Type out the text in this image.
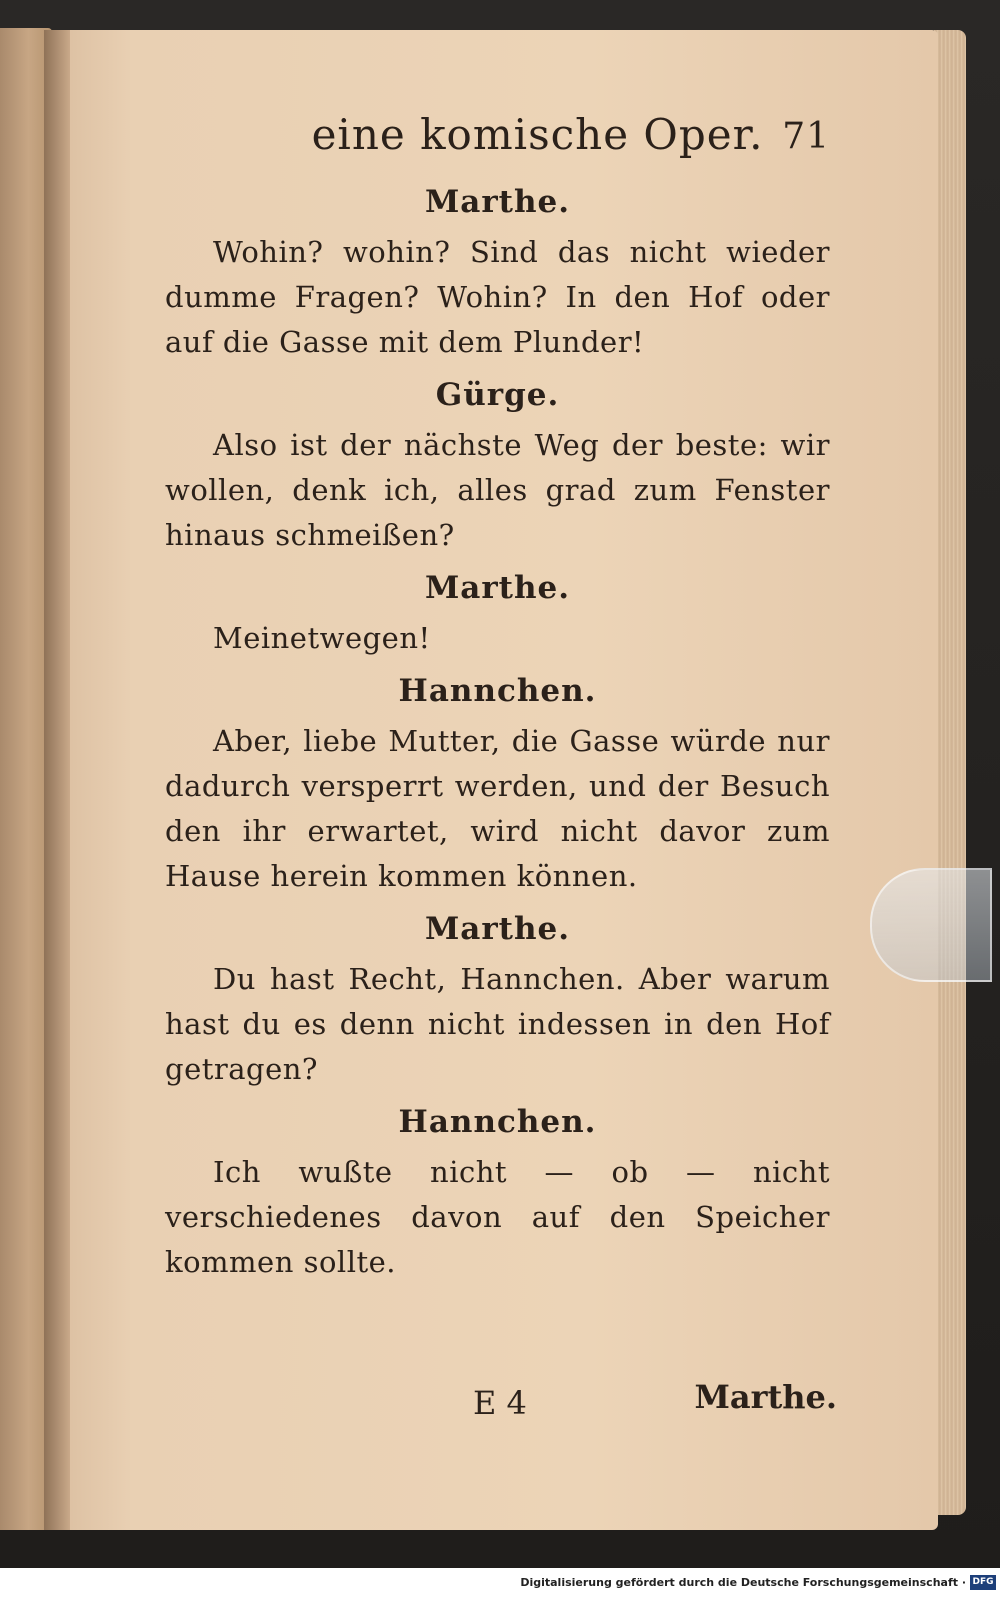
eine komische Oper. 71
Marthe.

Wohin? wohin? Sind das nicht wieder dumme Fragen? Wohin? In den Hof oder auf die Gasse mit dem Plunder!

Gürge.

Also ist der nächste Weg der beste: wir wollen, denk ich, alles grad zum Fenster hinaus schmeißen?

Marthe.

Meinetwegen!

Hannchen.

Aber, liebe Mutter, die Gasse würde nur dadurch versperrt werden, und der Besuch den ihr erwartet, wird nicht davor zum Hause herein kommen können.

Marthe.

Du hast Recht, Hannchen. Aber warum hast du es denn nicht indessen in den Hof getragen?

Hannchen.

Ich wußte nicht — ob — nicht verschiedenes davon auf den Speicher kommen sollte.

E 4	Marthe.
Digitalisierung gefördert durch die Deutsche Forschungsgemeinschaft · DFG
